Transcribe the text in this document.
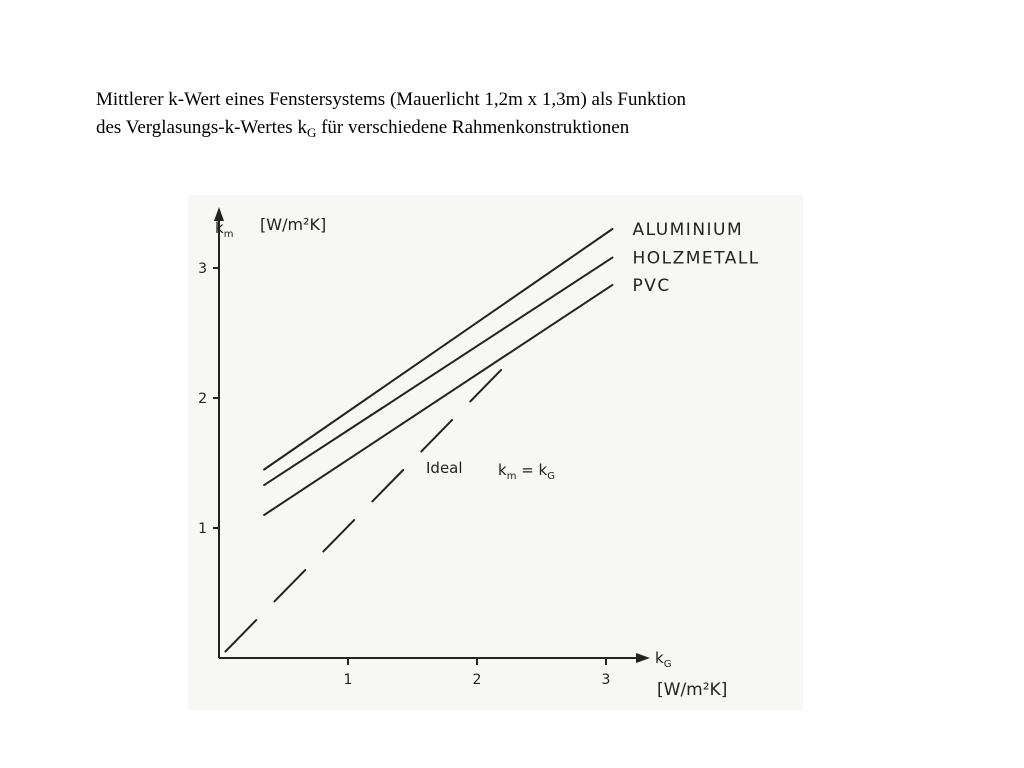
Mittlerer k-Wert eines Fenstersystems (Mauerlicht 1,2m x 1,3m) als Funktion
des Verglasungs-k-Wertes $k_G$ für verschiedene Rahmenkonstruktionen
$k_m$
[W/m²K]
$k_G$
[W/m²K]
1
2
3
1	2	3
ALUMINIUM
HOLZMETALL
PVC
Ideal $k_m = k_G$
